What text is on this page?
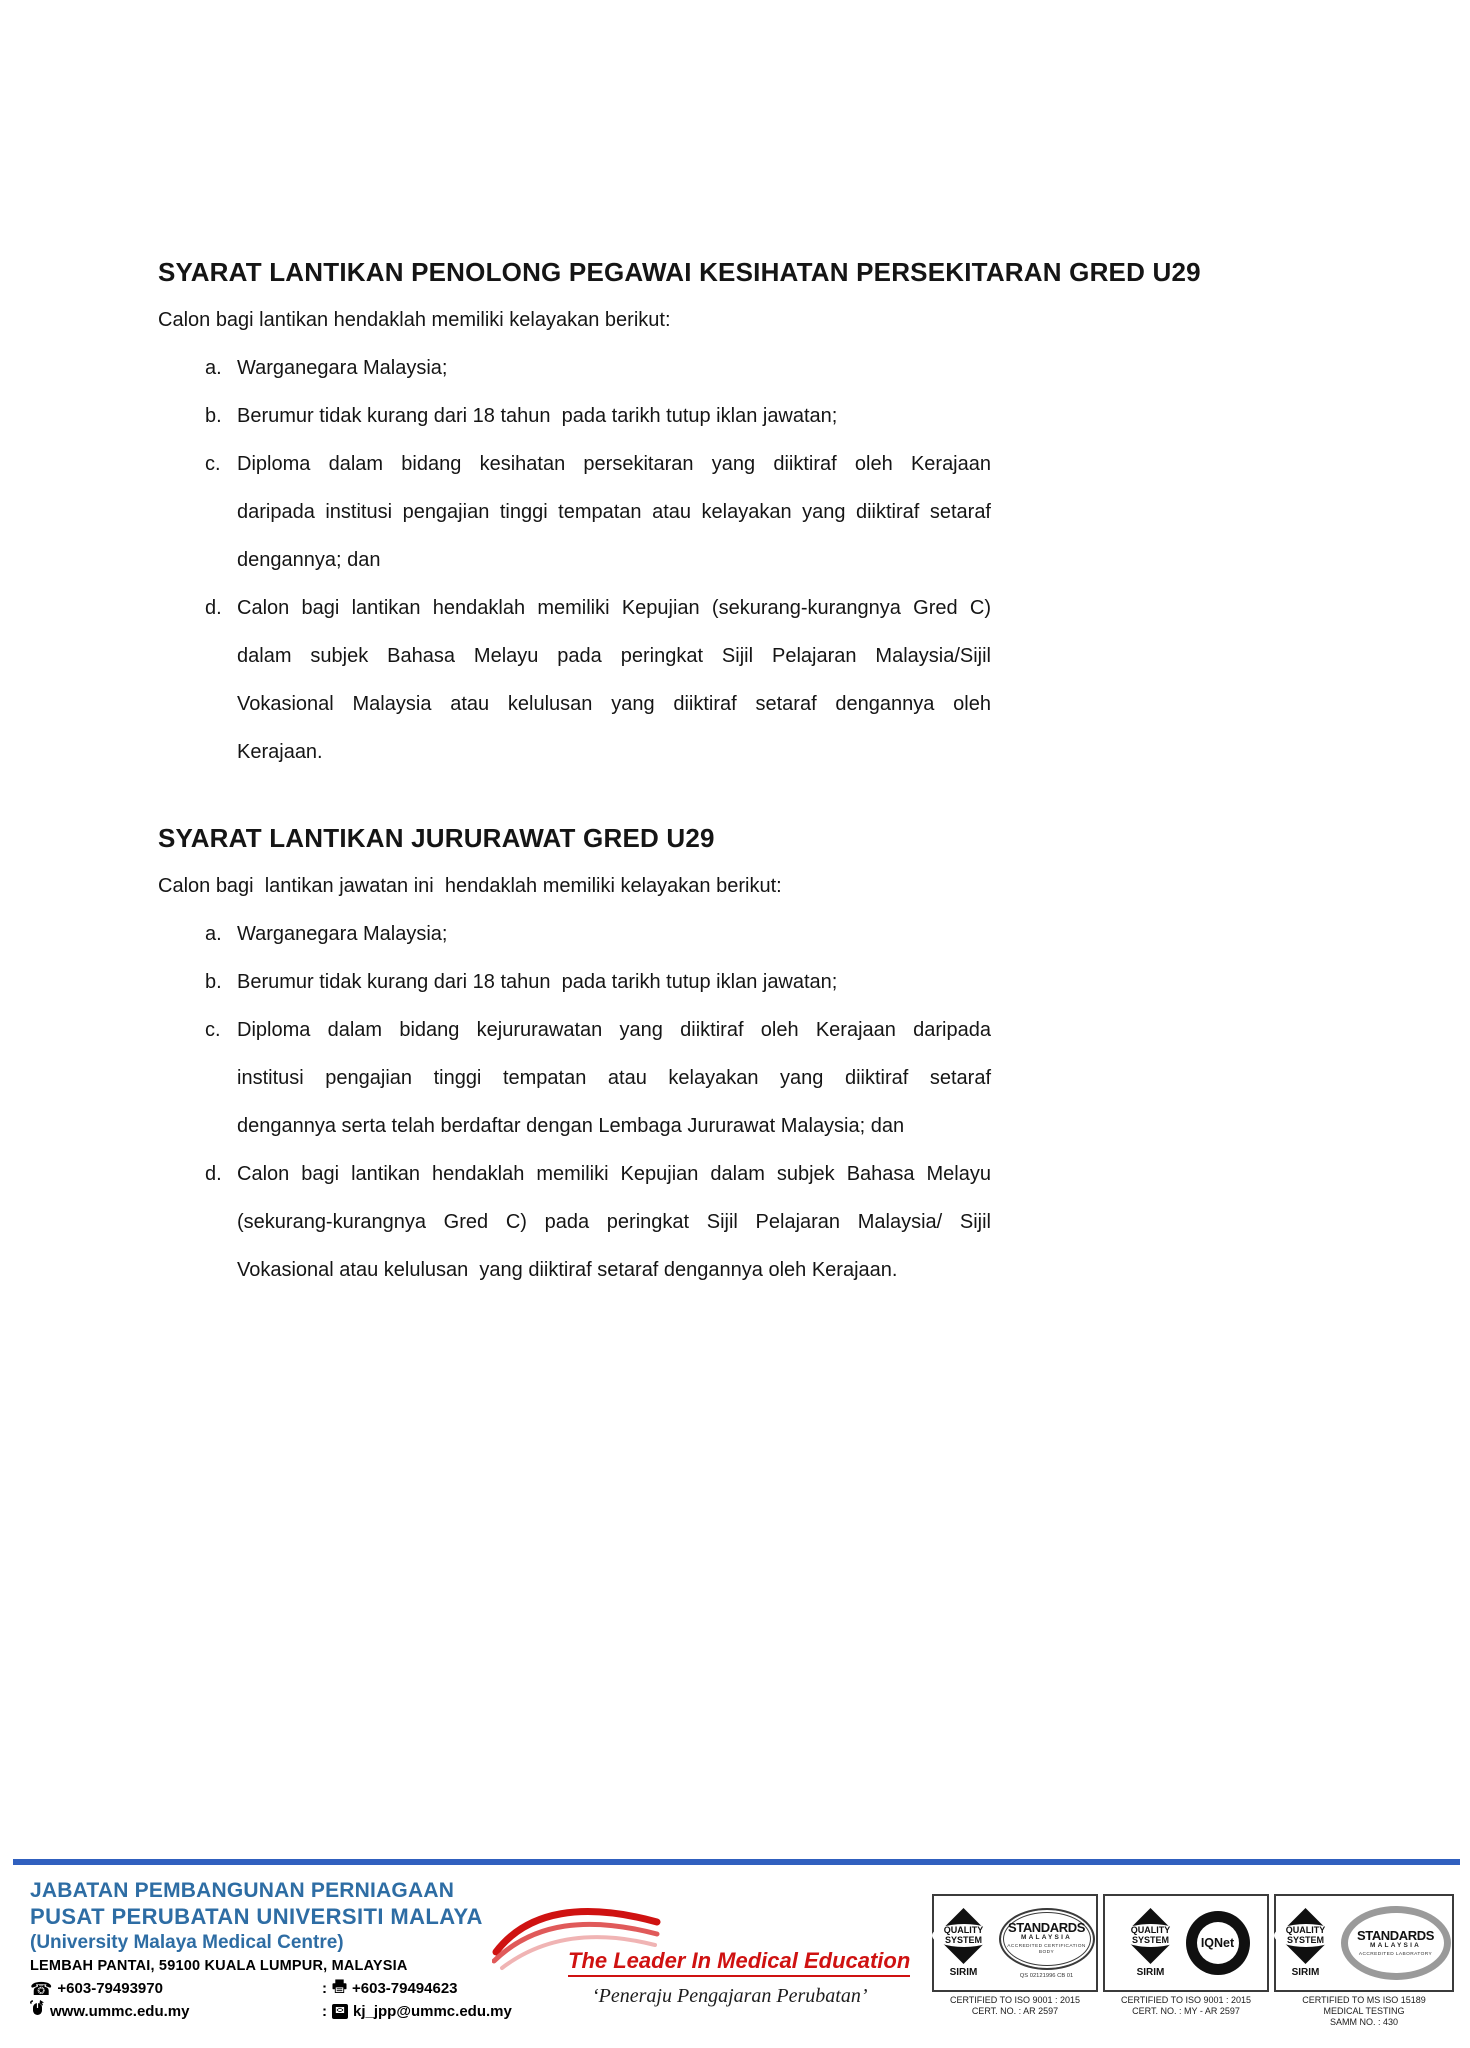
SYARAT LANTIKAN PENOLONG PEGAWAI KESIHATAN PERSEKITARAN GRED U29
Calon bagi lantikan hendaklah memiliki kelayakan berikut:
a. Warganegara Malaysia;
b. Berumur tidak kurang dari 18 tahun  pada tarikh tutup iklan jawatan;
c. Diploma dalam bidang kesihatan persekitaran yang diiktiraf oleh Kerajaan
daripada institusi pengajian tinggi tempatan atau kelayakan yang diiktiraf setaraf
dengannya; dan
d. Calon bagi lantikan hendaklah memiliki Kepujian (sekurang-kurangnya Gred C)
dalam subjek Bahasa Melayu pada peringkat Sijil Pelajaran Malaysia/Sijil
Vokasional Malaysia atau kelulusan yang diiktiraf setaraf dengannya oleh
Kerajaan.
SYARAT LANTIKAN JURURAWAT GRED U29
Calon bagi  lantikan jawatan ini  hendaklah memiliki kelayakan berikut:
a. Warganegara Malaysia;
b. Berumur tidak kurang dari 18 tahun  pada tarikh tutup iklan jawatan;
c. Diploma dalam bidang kejururawatan yang diiktiraf oleh Kerajaan daripada
institusi pengajian tinggi tempatan atau kelayakan yang diiktiraf setaraf
dengannya serta telah berdaftar dengan Lembaga Jururawat Malaysia; dan
d. Calon bagi lantikan hendaklah memiliki Kepujian dalam subjek Bahasa Melayu
(sekurang-kurangnya Gred C) pada peringkat Sijil Pelajaran Malaysia/ Sijil
Vokasional atau kelulusan  yang diiktiraf setaraf dengannya oleh Kerajaan.
JABATAN PEMBANGUNAN PERNIAGAAN
PUSAT PERUBATAN UNIVERSITI MALAYA
(University Malaya Medical Centre)
LEMBAH PANTAI, 59100 KUALA LUMPUR, MALAYSIA
☎ +603-79493970	: +603-79494623
www.ummc.edu.my	: ✉ kj_jpp@ummc.edu.my
The Leader In Medical Education
‘Peneraju Pengajaran Perubatan’
QUALITY
SYSTEM
SIRIM
STANDARDS
MALAYSIA
ACCREDITED CERTIFICATION BODY
QS 02121996 CB 01
CERTIFIED TO ISO 9001 : 2015
CERT. NO. : AR 2597
QUALITY
SYSTEM
SIRIM
IQNet
CERTIFIED TO ISO 9001 : 2015
CERT. NO. : MY - AR 2597
QUALITY
SYSTEM
SIRIM
STANDARDS
MALAYSIA
ACCREDITED LABORATORY
CERTIFIED TO MS ISO 15189
MEDICAL TESTING
SAMM NO. : 430
